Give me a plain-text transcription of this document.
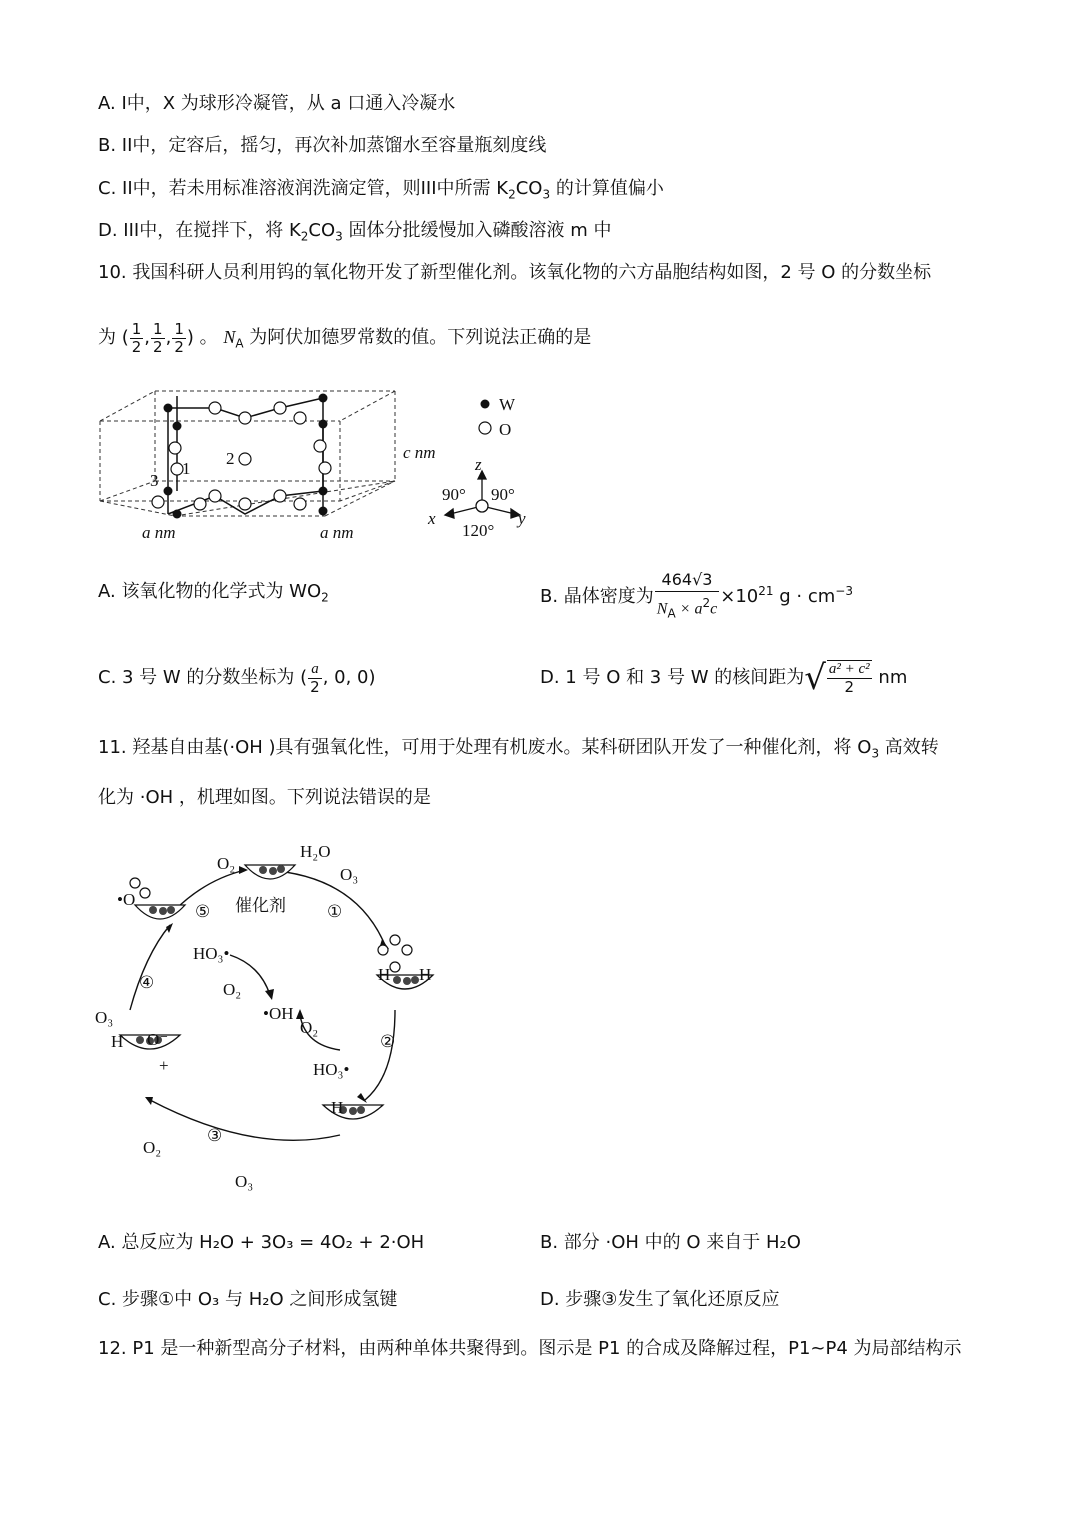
A. I中，X 为球形冷凝管，从 a 口通入冷凝水
B. II中，定容后，摇匀，再次补加蒸馏水至容量瓶刻度线
C. II中，若未用标准溶液润洗滴定管，则III中所需 $K_2CO_3$ 的计算值偏小
D. III中，在搅拌下，将 $K_2CO_3$ 固体分批缓慢加入磷酸溶液 m 中
10. 我国科研人员利用钨的氧化物开发了新型催化剂。该氧化物的六方晶胞结构如图，2 号 O 的分数坐标
为 ( $\frac{1}{2}$ , $\frac{1}{2}$ , $\frac{1}{2}$ ) 。 $N_A$ 为阿伏加德罗常数的值。下列说法正确的是
1
2
3
a nm	a nm
c nm
W
O
z
x	y
90° 90°
120°
A. 该氧化物的化学式为 $WO_2$	B. 晶体密度为 $\frac{464√3}{N_A \times a^2c} \times 10^{21}$ $g \cdot cm^{-3}$
C. 3 号 W 的分数坐标为 ( $\frac{a}{2}$ , 0, 0)	D. 1 号 O 和 3 号 W 的核间距为√ $\frac{\text{a² + c²}}{2}$ nm
11. 羟基自由基(·OH )具有强氧化性，可用于处理有机废水。某科研团队开发了一种催化剂，将 $O_3$ 高效转
化为 ·OH ，机理如图。下列说法错误的是
催化剂
H₂O
O₃
O₂
①
②
③
④
⑤
HO₃•
O₂
•OH
O₂
HO₃•
O₃
O₂
O₃
•O
H H
H
H O⁻
+
A. 总反应为 H₂O + 3O₃ = 4O₂ + 2·OH	B. 部分 ·OH 中的 O 来自于 H₂O
C. 步骤①中 O₃ 与 H₂O 之间形成氢键	D. 步骤③发生了氧化还原反应
12. P1 是一种新型高分子材料，由两种单体共聚得到。图示是 P1 的合成及降解过程，P1~P4 为局部结构示
